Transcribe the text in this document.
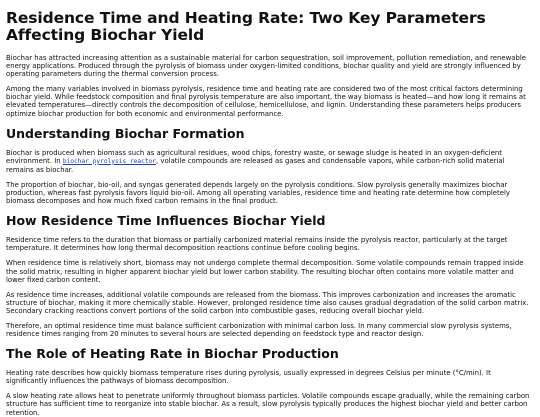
Residence Time and Heating Rate: Two Key Parameters Affecting Biochar Yield

Biochar has attracted increasing attention as a sustainable material for carbon sequestration, soil improvement, pollution remediation, and renewable energy applications. Produced through the pyrolysis of biomass under oxygen-limited conditions, biochar quality and yield are strongly influenced by operating parameters during the thermal conversion process.

Among the many variables involved in biomass pyrolysis, residence time and heating rate are considered two of the most critical factors determining biochar yield. While feedstock composition and final pyrolysis temperature are also important, the way biomass is heated—and how long it remains at elevated temperatures—directly controls the decomposition of cellulose, hemicellulose, and lignin. Understanding these parameters helps producers optimize biochar production for both economic and environmental performance.

Understanding Biochar Formation

Biochar is produced when biomass such as agricultural residues, wood chips, forestry waste, or sewage sludge is heated in an oxygen-deficient environment. In biochar pyrolysis reactor, volatile compounds are released as gases and condensable vapors, while carbon-rich solid material remains as biochar.

The proportion of biochar, bio-oil, and syngas generated depends largely on the pyrolysis conditions. Slow pyrolysis generally maximizes biochar production, whereas fast pyrolysis favors liquid bio-oil. Among all operating variables, residence time and heating rate determine how completely biomass decomposes and how much fixed carbon remains in the final product.

How Residence Time Influences Biochar Yield

Residence time refers to the duration that biomass or partially carbonized material remains inside the pyrolysis reactor, particularly at the target temperature. It determines how long thermal decomposition reactions continue before cooling begins.

When residence time is relatively short, biomass may not undergo complete thermal decomposition. Some volatile compounds remain trapped inside the solid matrix, resulting in higher apparent biochar yield but lower carbon stability. The resulting biochar often contains more volatile matter and lower fixed carbon content.

As residence time increases, additional volatile compounds are released from the biomass. This improves carbonization and increases the aromatic structure of biochar, making it more chemically stable. However, prolonged residence time also causes gradual degradation of the solid carbon matrix. Secondary cracking reactions convert portions of the solid carbon into combustible gases, reducing overall biochar yield.

Therefore, an optimal residence time must balance sufficient carbonization with minimal carbon loss. In many commercial slow pyrolysis systems, residence times ranging from 20 minutes to several hours are selected depending on feedstock type and reactor design.

The Role of Heating Rate in Biochar Production

Heating rate describes how quickly biomass temperature rises during pyrolysis, usually expressed in degrees Celsius per minute (°C/min). It significantly influences the pathways of biomass decomposition.

A slow heating rate allows heat to penetrate uniformly throughout biomass particles. Volatile compounds escape gradually, while the remaining carbon structure has sufficient time to reorganize into stable biochar. As a result, slow pyrolysis typically produces the highest biochar yield and better carbon retention.
